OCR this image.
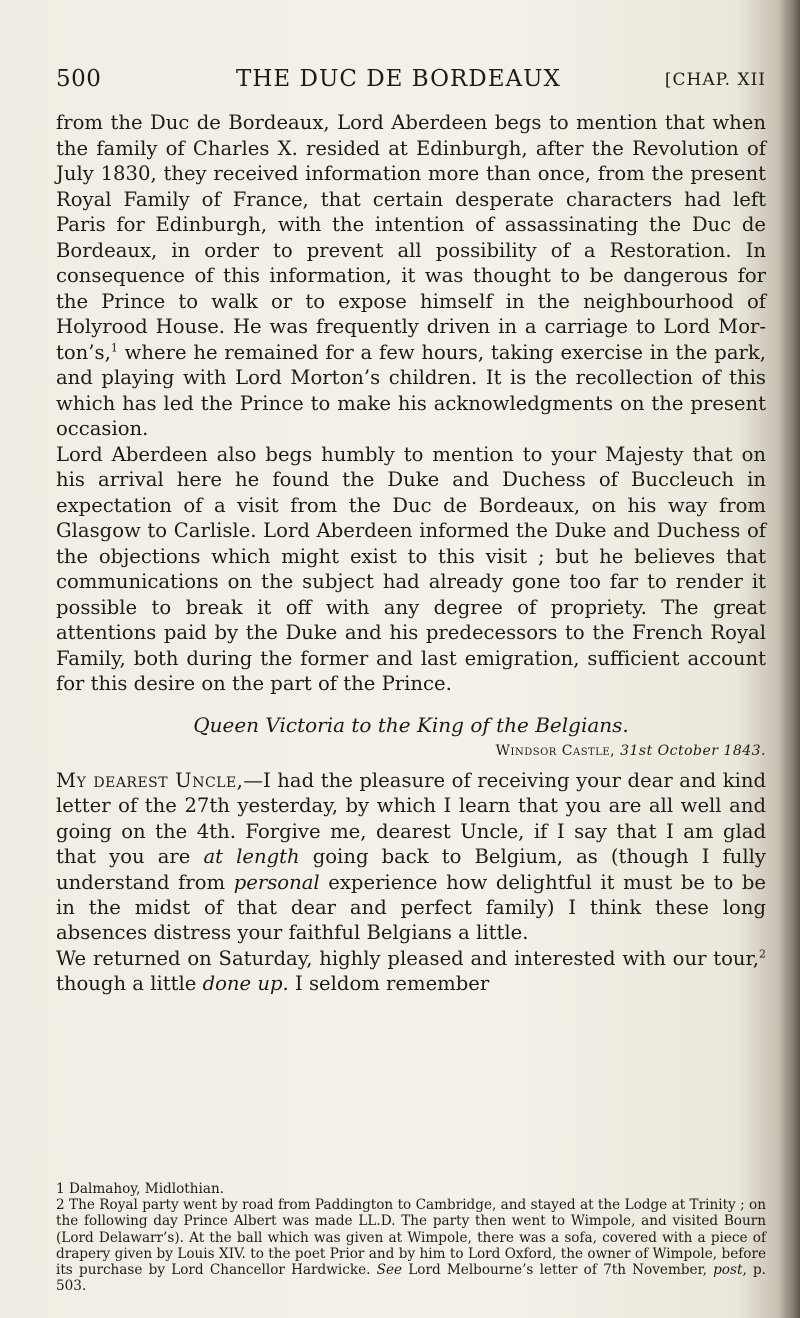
500	THE DUC DE BORDEAUX	[CHAP. XII

from the Duc de Bordeaux, Lord Aberdeen begs to mention that when the family of Charles X. resided at Edinburgh, after the Revolution of July 1830, they received information more than once, from the present Royal Family of France, that certain desperate characters had left Paris for Edinburgh, with the intention of assassinating the Duc de Bordeaux, in order to prevent all possibility of a Restoration. In consequence of this information, it was thought to be dangerous for the Prince to walk or to expose himself in the neighbourhood of Holyrood House. He was frequently driven in a carriage to Lord Mor-ton’s,$^1$ where he remained for a few hours, taking exercise in the park, and playing with Lord Morton’s children. It is the recollection of this which has led the Prince to make his acknowledgments on the present occasion.

Lord Aberdeen also begs humbly to mention to your Majesty that on his arrival here he found the Duke and Duchess of Buccleuch in expectation of a visit from the Duc de Bordeaux, on his way from Glasgow to Carlisle. Lord Aberdeen informed the Duke and Duchess of the objections which might exist to this visit ; but he believes that communications on the subject had already gone too far to render it possible to break it off with any degree of propriety. The great attentions paid by the Duke and his predecessors to the French Royal Family, both during the former and last emigration, sufficient account for this desire on the part of the Prince.

Queen Victoria to the King of the Belgians.
Windsor Castle, 31st October 1843.

My dearest Uncle,—I had the pleasure of receiving your dear and kind letter of the 27th yesterday, by which I learn that you are all well and going on the 4th. Forgive me, dearest Uncle, if I say that I am glad that you are at length going back to Belgium, as (though I fully understand from personal experience how delightful it must be to be in the midst of that dear and perfect family) I think these long absences distress your faithful Belgians a little.

We returned on Saturday, highly pleased and interested with our tour,$^2$ though a little done up. I seldom remember

1 Dalmahoy, Midlothian.

2 The Royal party went by road from Paddington to Cambridge, and stayed at the Lodge at Trinity ; on the following day Prince Albert was made LL.D. The party then went to Wimpole, and visited Bourn (Lord Delawarr’s). At the ball which was given at Wimpole, there was a sofa, covered with a piece of drapery given by Louis XIV. to the poet Prior and by him to Lord Oxford, the owner of Wimpole, before its purchase by Lord Chancellor Hardwicke. See Lord Melbourne’s letter of 7th November, post, p. 503.
